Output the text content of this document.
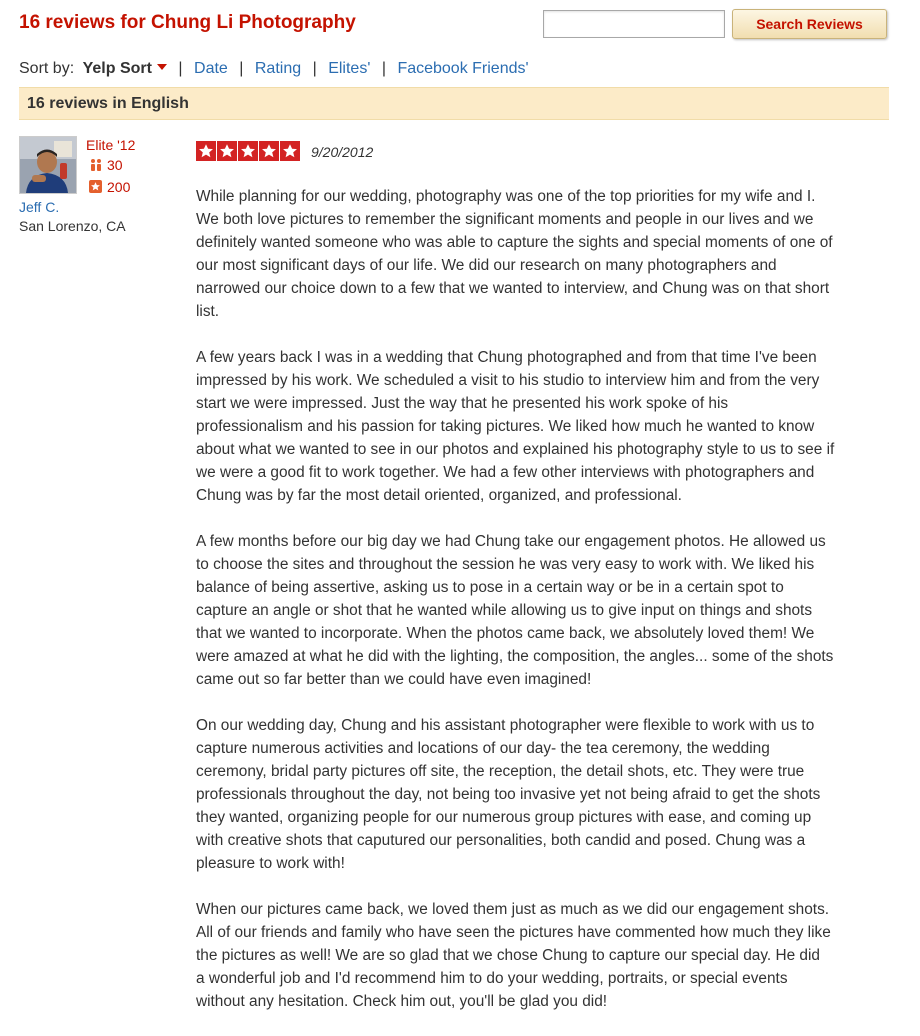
16 reviews for Chung Li Photography	Search Reviews
Sort by: Yelp Sort | Date | Rating | Elites' | Facebook Friends'
16 reviews in English
Elite '12
30
200
Jeff C.
San Lorenzo, CA
9/20/2012

While planning for our wedding, photography was one of the top priorities for my wife and I.
We both love pictures to remember the significant moments and people in our lives and we
definitely wanted someone who was able to capture the sights and special moments of one of
our most significant days of our life. We did our research on many photographers and
narrowed our choice down to a few that we wanted to interview, and Chung was on that short
list.

A few years back I was in a wedding that Chung photographed and from that time I've been
impressed by his work. We scheduled a visit to his studio to interview him and from the very
start we were impressed. Just the way that he presented his work spoke of his
professionalism and his passion for taking pictures. We liked how much he wanted to know
about what we wanted to see in our photos and explained his photography style to us to see if
we were a good fit to work together. We had a few other interviews with photographers and
Chung was by far the most detail oriented, organized, and professional.

A few months before our big day we had Chung take our engagement photos. He allowed us
to choose the sites and throughout the session he was very easy to work with. We liked his
balance of being assertive, asking us to pose in a certain way or be in a certain spot to
capture an angle or shot that he wanted while allowing us to give input on things and shots
that we wanted to incorporate. When the photos came back, we absolutely loved them! We
were amazed at what he did with the lighting, the composition, the angles... some of the shots
came out so far better than we could have even imagined!

On our wedding day, Chung and his assistant photographer were flexible to work with us to
capture numerous activities and locations of our day- the tea ceremony, the wedding
ceremony, bridal party pictures off site, the reception, the detail shots, etc. They were true
professionals throughout the day, not being too invasive yet not being afraid to get the shots
they wanted, organizing people for our numerous group pictures with ease, and coming up
with creative shots that caputured our personalities, both candid and posed. Chung was a
pleasure to work with!

When our pictures came back, we loved them just as much as we did our engagement shots.
All of our friends and family who have seen the pictures have commented how much they like
the pictures as well! We are so glad that we chose Chung to capture our special day. He did
a wonderful job and I'd recommend him to do your wedding, portraits, or special events
without any hesitation. Check him out, you'll be glad you did!
